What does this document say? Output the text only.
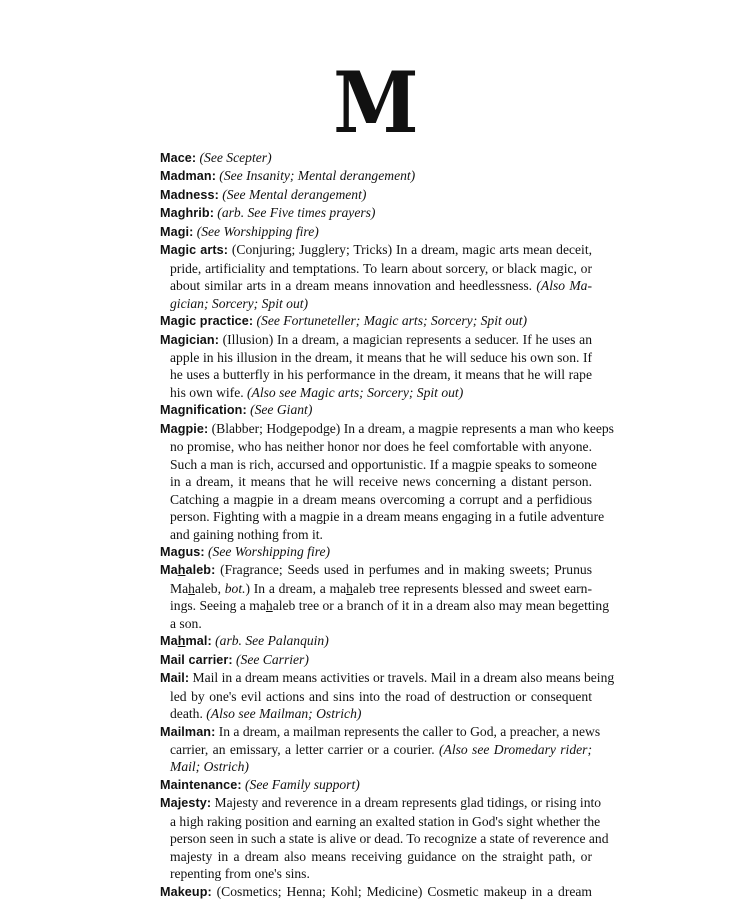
M
Mace: (See Scepter)
Madman: (See Insanity; Mental derangement)
Madness: (See Mental derangement)
Maghrib: (arb. See Five times prayers)
Magi: (See Worshipping fire)
Magic arts: (Conjuring; Jugglery; Tricks) In a dream, magic arts mean deceit,
pride, artificiality and temptations. To learn about sorcery, or black magic, or
about similar arts in a dream means innovation and heedlessness. (Also Ma-
gician; Sorcery; Spit out)
Magic practice: (See Fortuneteller; Magic arts; Sorcery; Spit out)
Magician: (Illusion) In a dream, a magician represents a seducer. If he uses an
apple in his illusion in the dream, it means that he will seduce his own son. If
he uses a butterfly in his performance in the dream, it means that he will rape
his own wife. (Also see Magic arts; Sorcery; Spit out)
Magnification: (See Giant)
Magpie: (Blabber; Hodgepodge) In a dream, a magpie represents a man who keeps
no promise, who has neither honor nor does he feel comfortable with anyone.
Such a man is rich, accursed and opportunistic. If a magpie speaks to someone
in a dream, it means that he will receive news concerning a distant person.
Catching a magpie in a dream means overcoming a corrupt and a perfidious
person. Fighting with a magpie in a dream means engaging in a futile adventure
and gaining nothing from it.
Magus: (See Worshipping fire)
Mahaleb: (Fragrance; Seeds used in perfumes and in making sweets; Prunus
Mahaleb, bot.) In a dream, a mahaleb tree represents blessed and sweet earn-
ings. Seeing a mahaleb tree or a branch of it in a dream also may mean begetting
a son.
Mahmal: (arb. See Palanquin)
Mail carrier: (See Carrier)
Mail: Mail in a dream means activities or travels. Mail in a dream also means being
led by one's evil actions and sins into the road of destruction or consequent
death. (Also see Mailman; Ostrich)
Mailman: In a dream, a mailman represents the caller to God, a preacher, a news
carrier, an emissary, a letter carrier or a courier. (Also see Dromedary rider;
Mail; Ostrich)
Maintenance: (See Family support)
Majesty: Majesty and reverence in a dream represents glad tidings, or rising into
a high raking position and earning an exalted station in God's sight whether the
person seen in such a state is alive or dead. To recognize a state of reverence and
majesty in a dream also means receiving guidance on the straight path, or
repenting from one's sins.
Makeup: (Cosmetics; Henna; Kohl; Medicine) Cosmetic makeup in a dream
